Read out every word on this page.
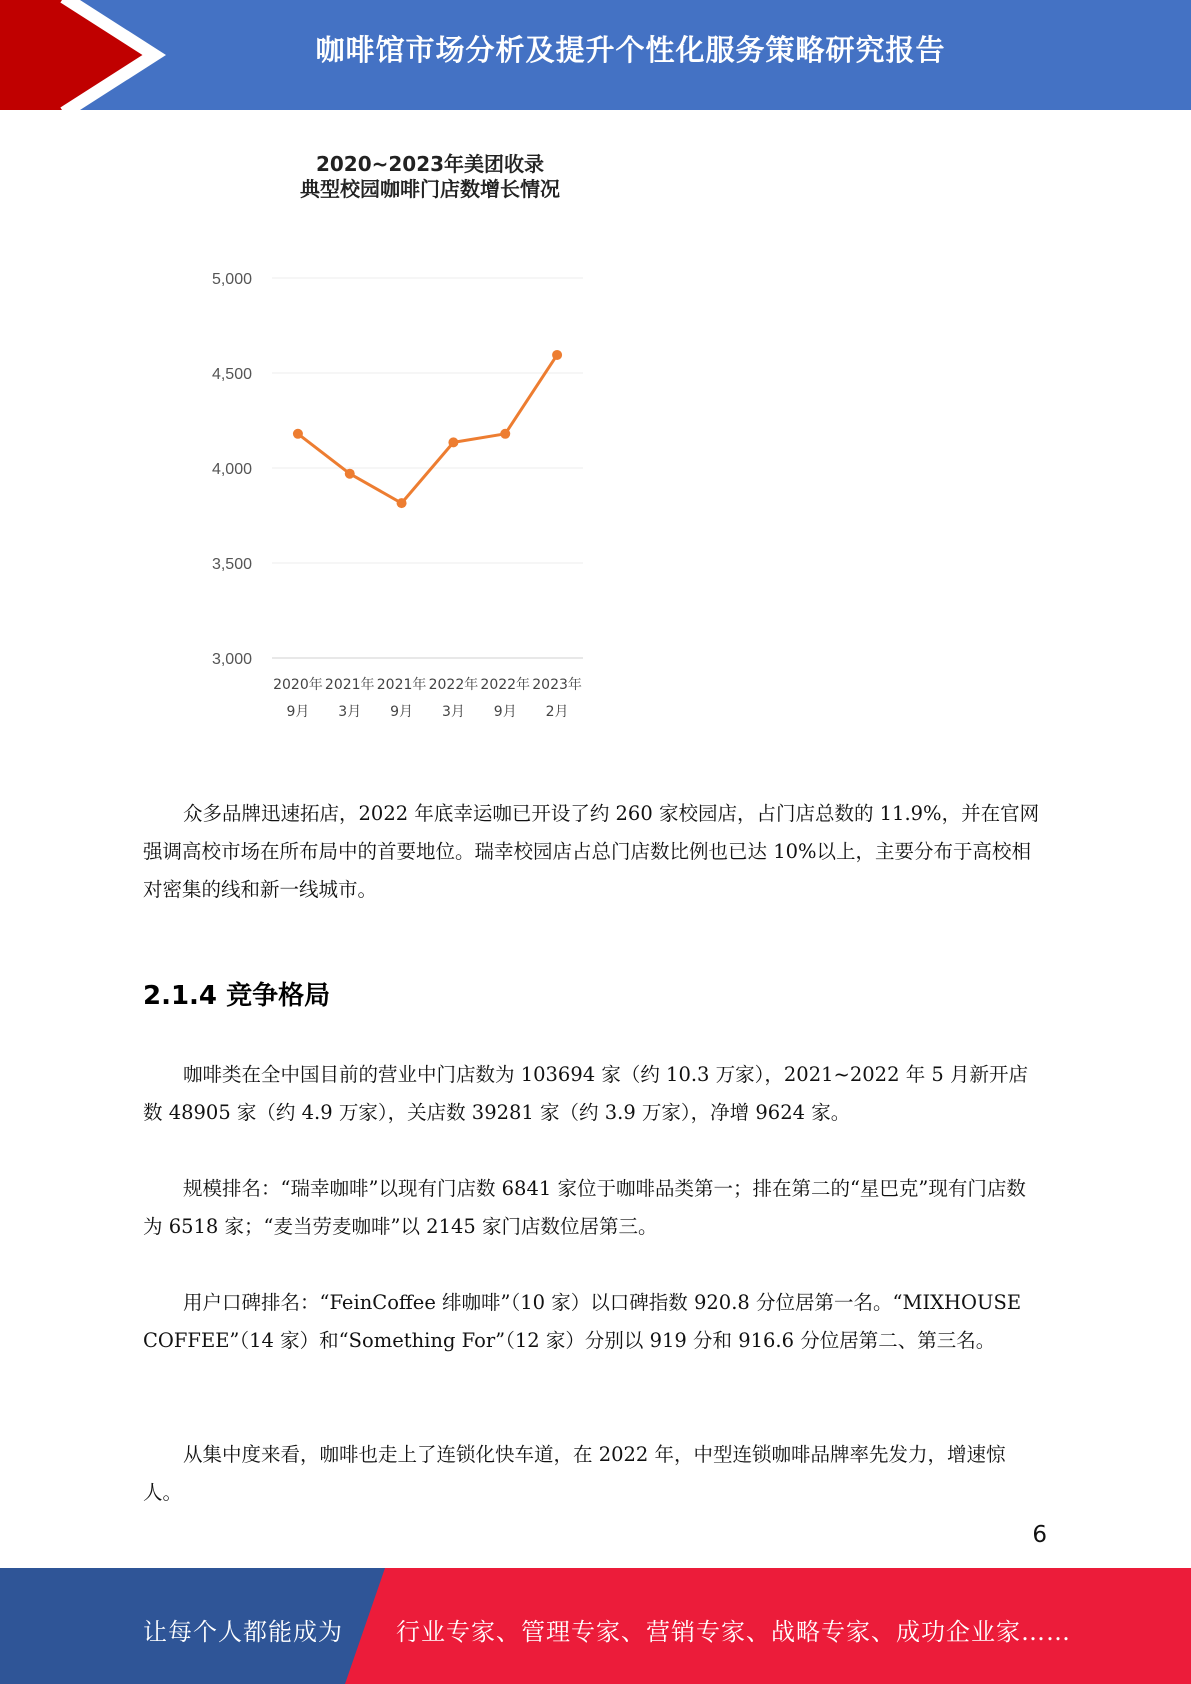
咖啡馆市场分析及提升个性化服务策略研究报告
2020~2023年美团收录
典型校园咖啡门店数增长情况
5,000
4,500
4,000
3,500
3,000
2020年
9月
2021年
3月
2021年
9月
2022年
3月
2022年
9月
2023年
2月

众多品牌迅速拓店，2022 年底幸运咖已开设了约 260 家校园店，占门店总数的 11.9%，并在官网强调高校市场在所布局中的首要地位。瑞幸校园店占总门店数比例也已达 10%以上，主要分布于高校相对密集的线和新一线城市。

2.1.4 竞争格局

咖啡类在全中国目前的营业中门店数为 103694 家（约 10.3 万家），2021~2022 年 5 月新开店数 48905 家（约 4.9 万家），关店数 39281 家（约 3.9 万家），净增 9624 家。

规模排名：“瑞幸咖啡”以现有门店数 6841 家位于咖啡品类第一；排在第二的“星巴克”现有门店数为 6518 家；“麦当劳麦咖啡”以 2145 家门店数位居第三。

用户口碑排名：“FeinCoffee 绯咖啡”（10 家）以口碑指数 920.8 分位居第一名。“MIXHOUSE COFFEE”（14 家）和“Something For”（12 家）分别以 919 分和 916.6 分位居第二、第三名。

从集中度来看，咖啡也走上了连锁化快车道，在 2022 年，中型连锁咖啡品牌率先发力，增速惊人。

6
让每个人都能成为 行业专家、管理专家、营销专家、战略专家、成功企业家……
